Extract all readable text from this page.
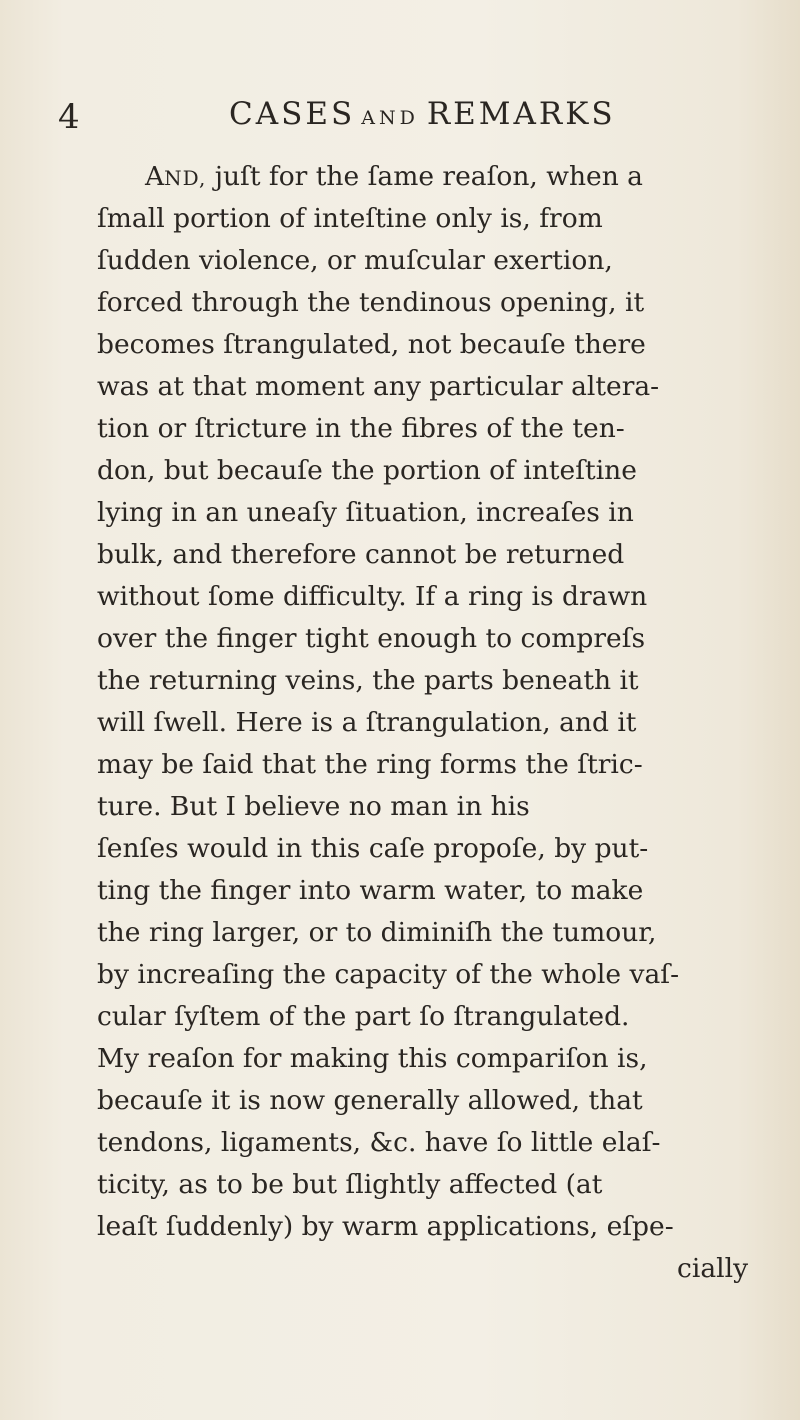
4	CASES AND REMARKS
AND, juſt for the ſame reaſon, when a
ſmall portion of inteſtine only is, from
ſudden violence, or muſcular exertion,
forced through the tendinous opening, it
becomes ſtrangulated, not becauſe there
was at that moment any particular altera-
tion or ſtricture in the fibres of the ten-
don, but becauſe the portion of inteſtine
lying in an uneaſy ſituation, increaſes in
bulk, and therefore cannot be returned
without ſome difficulty. If a ring is drawn
over the finger tight enough to compreſs
the returning veins, the parts beneath it
will ſwell. Here is a ſtrangulation, and it
may be ſaid that the ring forms the ſtric-
ture. But I believe no man in his
ſenſes would in this caſe propoſe, by put-
ting the finger into warm water, to make
the ring larger, or to diminiſh the tumour,
by increaſing the capacity of the whole vaſ-
cular ſyſtem of the part ſo ſtrangulated.
My reaſon for making this compariſon is,
becauſe it is now generally allowed, that
tendons, ligaments, &c. have ſo little elaſ-
ticity, as to be but ſlightly affected (at
leaſt ſuddenly) by warm applications, eſpe-
cially
